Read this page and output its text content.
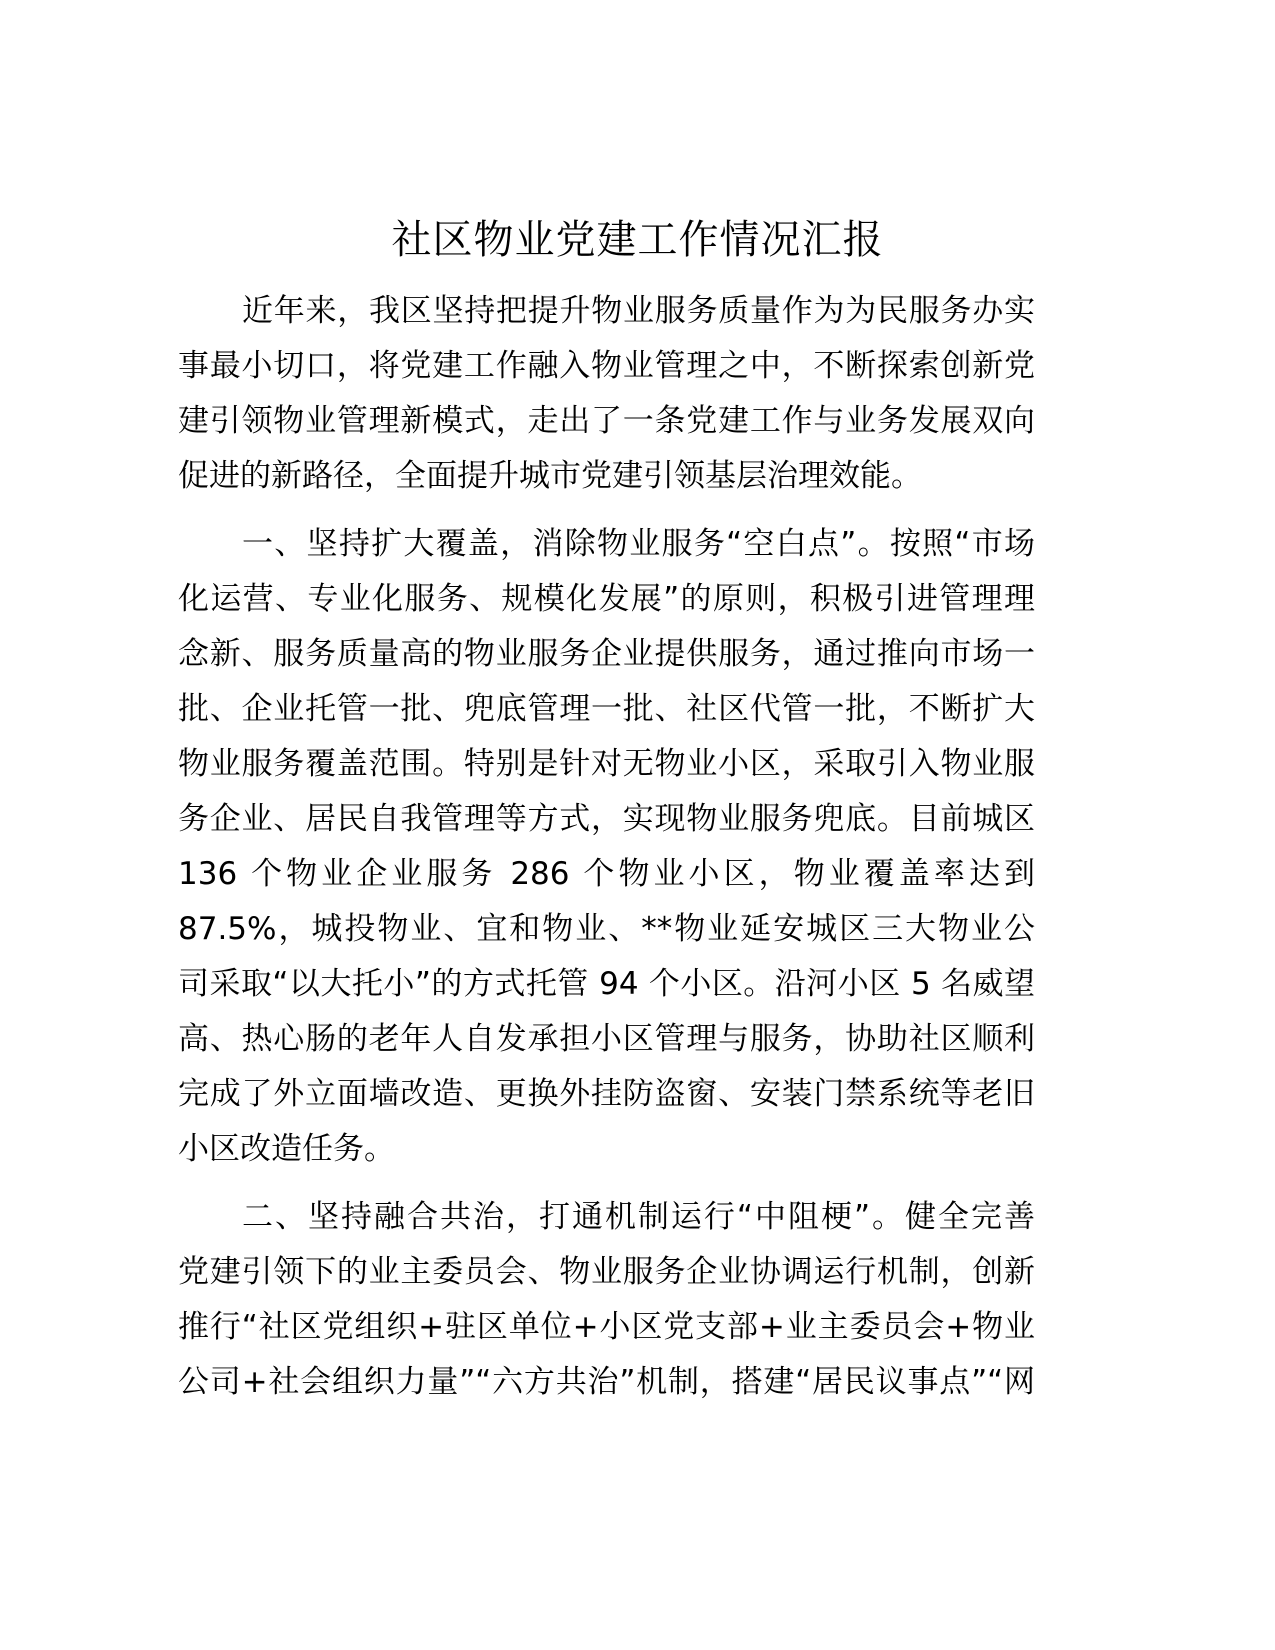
社区物业党建工作情况汇报
近年来，我区坚持把提升物业服务质量作为为民服务办实
事最小切口，将党建工作融入物业管理之中，不断探索创新党
建引领物业管理新模式，走出了一条党建工作与业务发展双向
促进的新路径，全面提升城市党建引领基层治理效能。
一、坚持扩大覆盖，消除物业服务“空白点”。按照“市场
化运营、专业化服务、规模化发展”的原则，积极引进管理理
念新、服务质量高的物业服务企业提供服务，通过推向市场一
批、企业托管一批、兜底管理一批、社区代管一批，不断扩大
物业服务覆盖范围。特别是针对无物业小区，采取引入物业服
务企业、居民自我管理等方式，实现物业服务兜底。目前城区
136 个物业企业服务 286 个物业小区，物业覆盖率达到
87.5%，城投物业、宜和物业、**物业延安城区三大物业公
司采取“以大托小”的方式托管 94 个小区。沿河小区 5 名威望
高、热心肠的老年人自发承担小区管理与服务，协助社区顺利
完成了外立面墙改造、更换外挂防盗窗、安装门禁系统等老旧
小区改造任务。
二、坚持融合共治，打通机制运行“中阻梗”。健全完善
党建引领下的业主委员会、物业服务企业协调运行机制，创新
推行“社区党组织+驻区单位+小区党支部+业主委员会+物业
公司+社会组织力量”“六方共治”机制，搭建“居民议事点”“网
